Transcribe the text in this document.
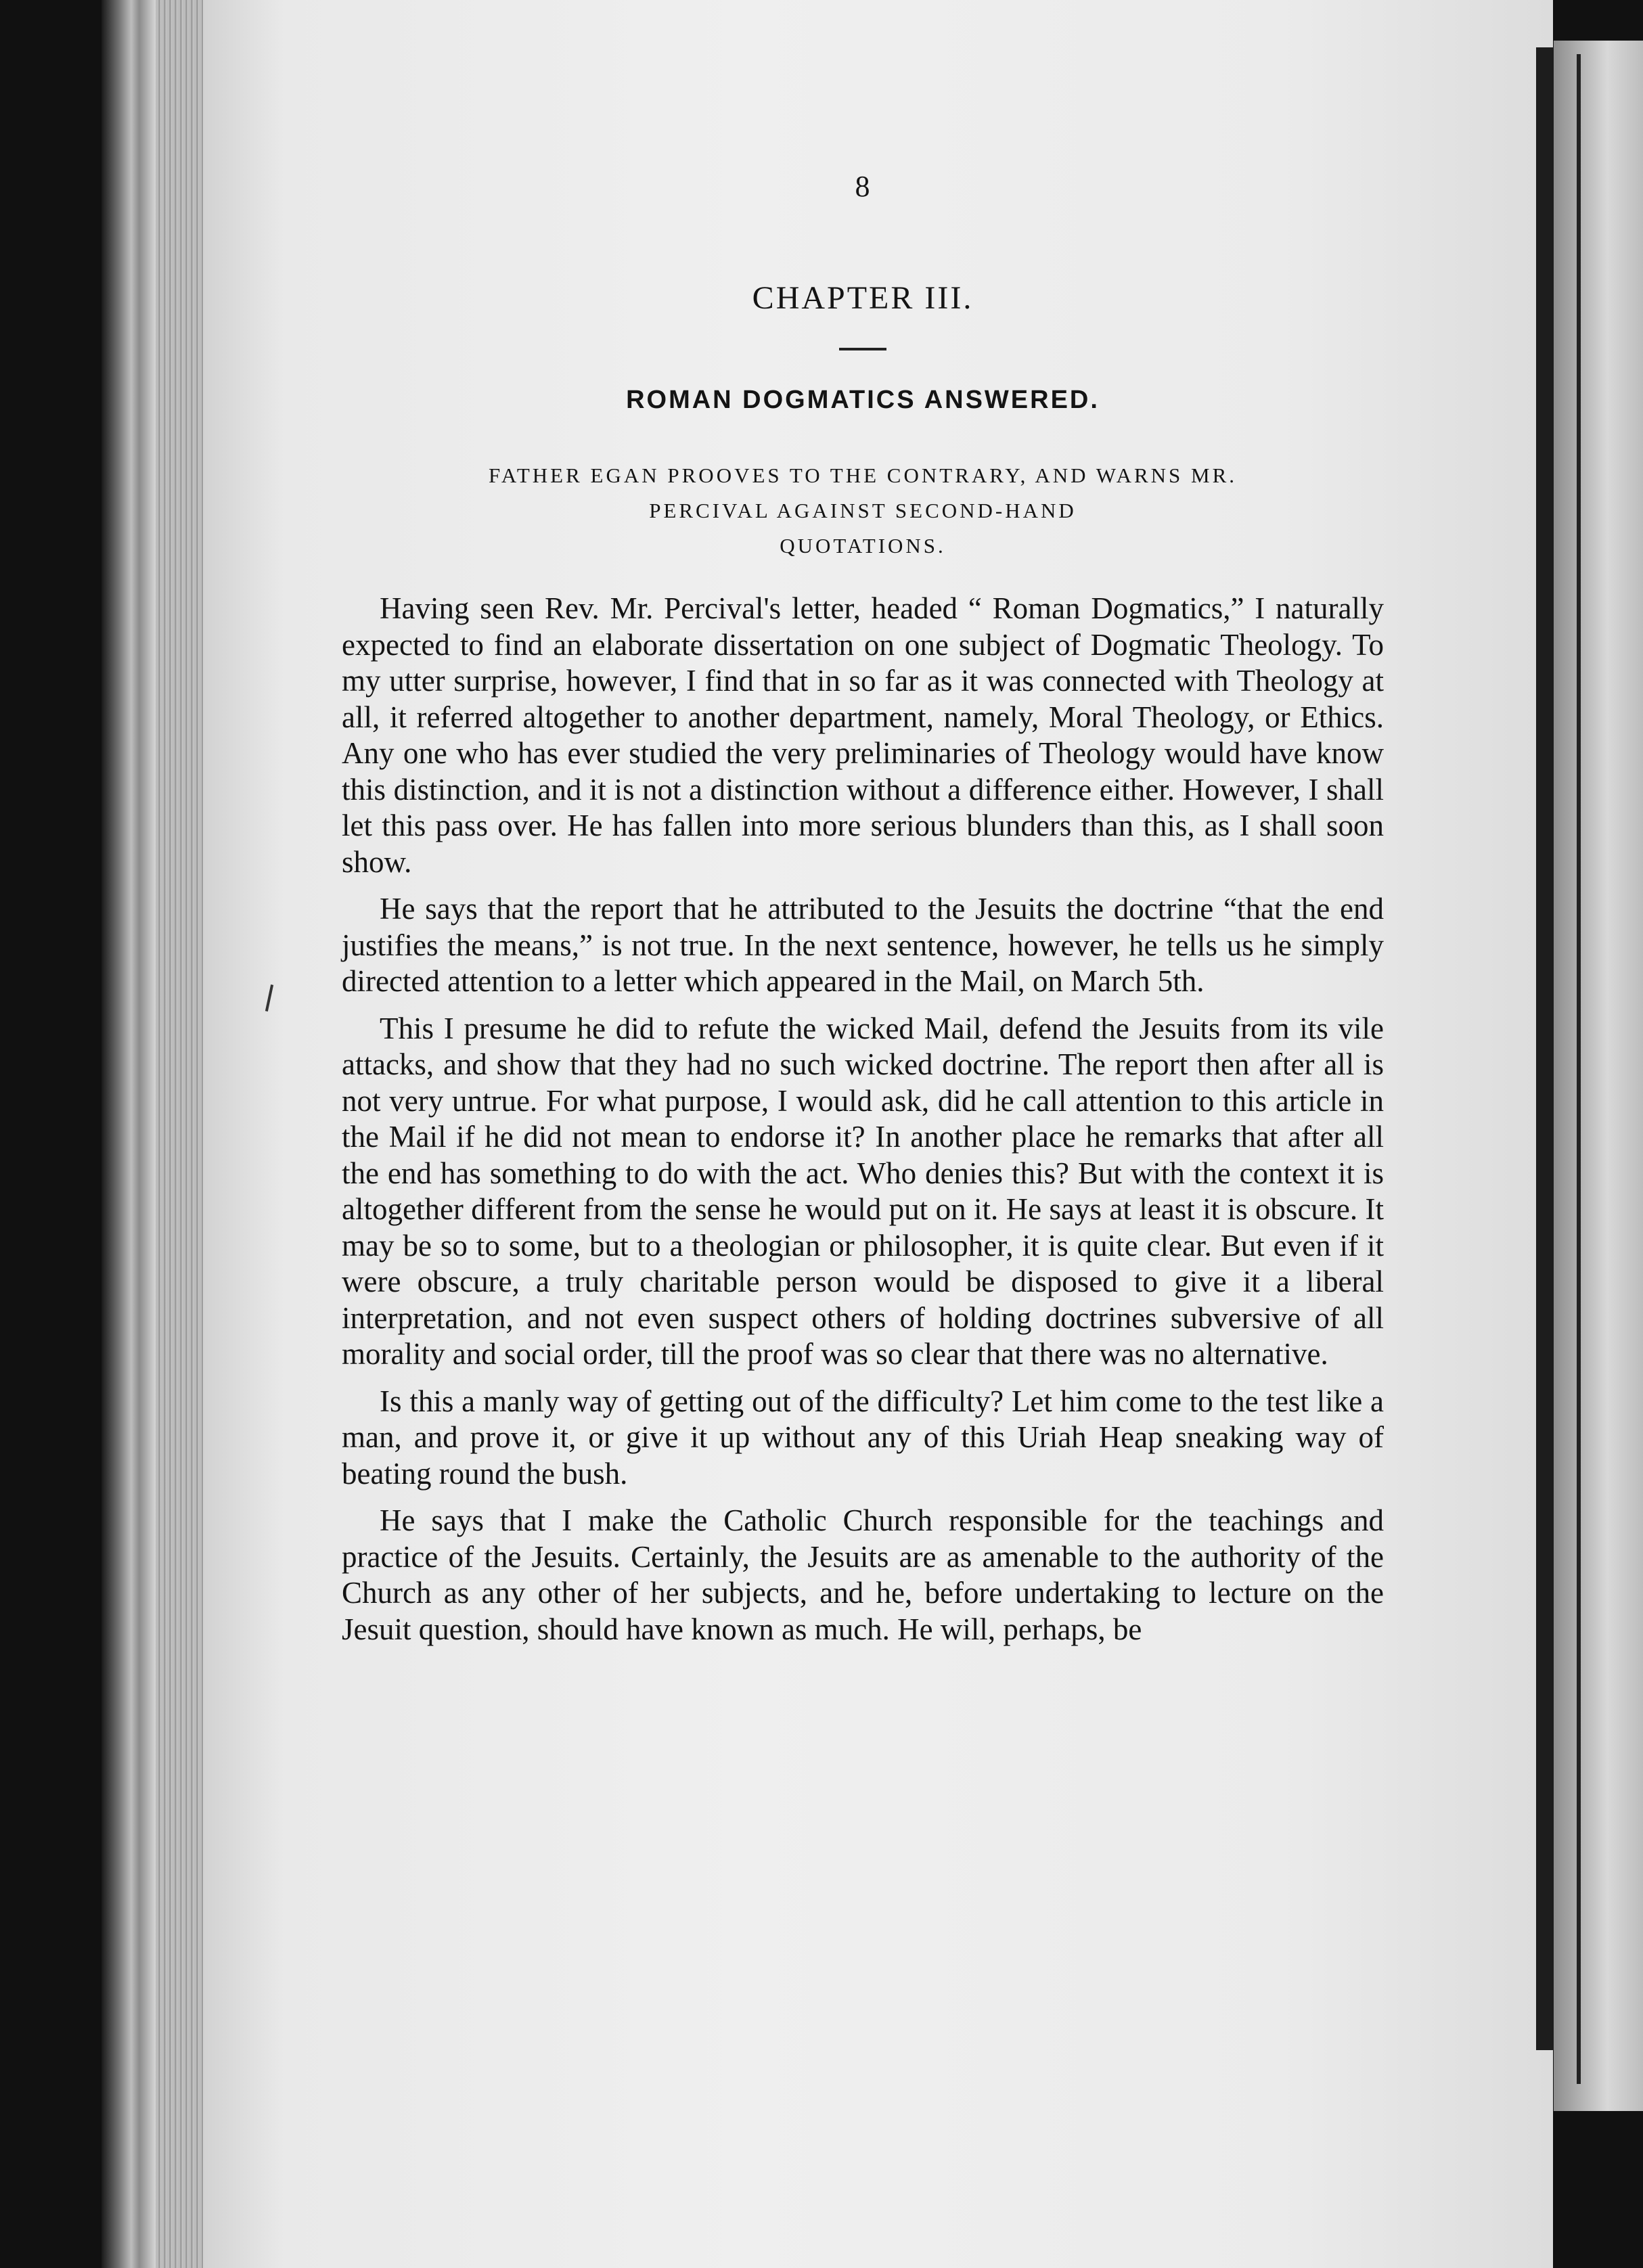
8
CHAPTER III.
ROMAN DOGMATICS ANSWERED.
FATHER EGAN PROOVES TO THE CONTRARY, AND WARNS MR.
PERCIVAL AGAINST SECOND-HAND
QUOTATIONS.

Having seen Rev. Mr. Percival's letter, headed “ Roman Dogmatics,” I naturally expected to find an elaborate dissertation on one subject of Dogmatic Theology. To my utter surprise, however, I find that in so far as it was connected with Theology at all, it referred altogether to another department, namely, Moral Theology, or Ethics. Any one who has ever studied the very preliminaries of Theology would have know this distinction, and it is not a distinction without a difference either. However, I shall let this pass over. He has fallen into more serious blunders than this, as I shall soon show.

He says that the report that he attributed to the Jesuits the doctrine “that the end justifies the means,” is not true. In the next sentence, however, he tells us he simply directed attention to a letter which appeared in the Mail, on March 5th.

This I presume he did to refute the wicked Mail, defend the Jesuits from its vile attacks, and show that they had no such wicked doctrine. The report then after all is not very untrue. For what purpose, I would ask, did he call attention to this article in the Mail if he did not mean to endorse it? In another place he remarks that after all the end has something to do with the act. Who denies this? But with the context it is altogether different from the sense he would put on it. He says at least it is obscure. It may be so to some, but to a theologian or philosopher, it is quite clear. But even if it were obscure, a truly charitable person would be disposed to give it a liberal interpretation, and not even suspect others of holding doctrines subversive of all morality and social order, till the proof was so clear that there was no alternative.

Is this a manly way of getting out of the difficulty? Let him come to the test like a man, and prove it, or give it up without any of this Uriah Heap sneaking way of beating round the bush.

He says that I make the Catholic Church responsible for the teachings and practice of the Jesuits. Certainly, the Jesuits are as amenable to the authority of the Church as any other of her subjects, and he, before undertaking to lecture on the Jesuit question, should have known as much. He will, perhaps, be
